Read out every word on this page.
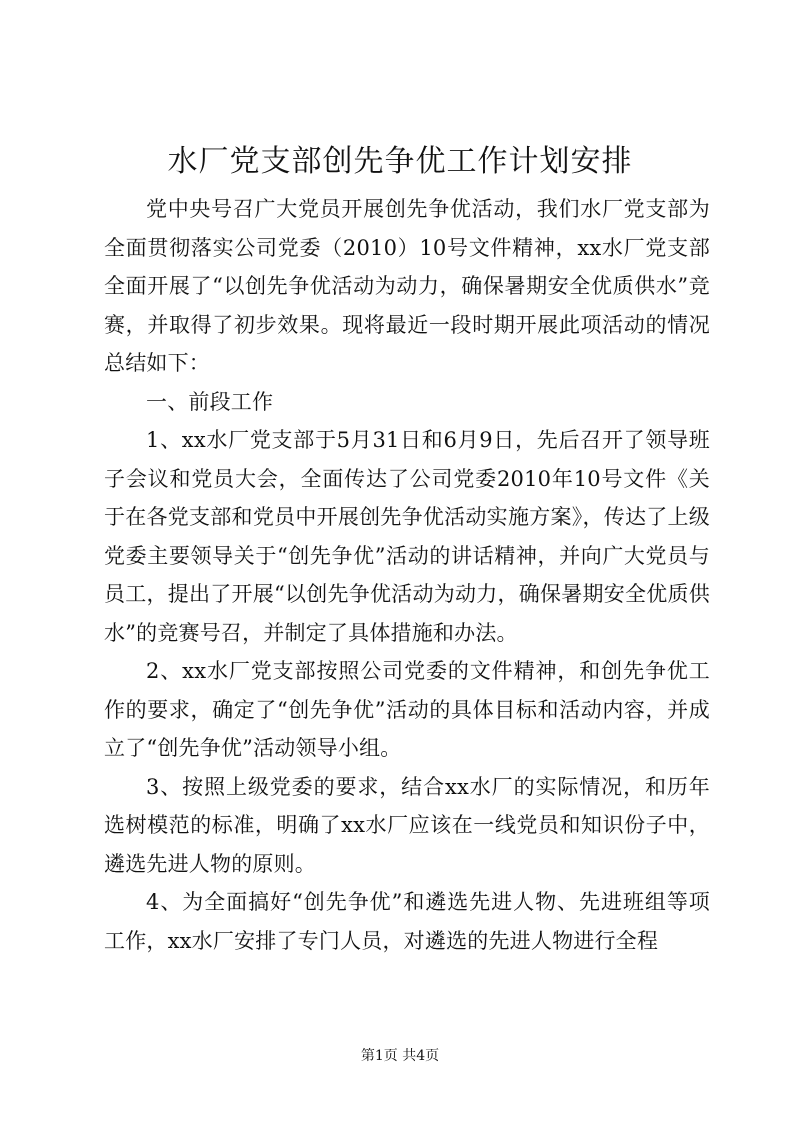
水厂党支部创先争优工作计划安排

党中央号召广大党员开展创先争优活动，我们水厂党支部为全面贯彻落实公司党委（2010）10号文件精神，xx水厂党支部全面开展了“以创先争优活动为动力，确保暑期安全优质供水”竞赛，并取得了初步效果。现将最近一段时期开展此项活动的情况总结如下：

一、前段工作

1、xx水厂党支部于5月31日和6月9日，先后召开了领导班子会议和党员大会，全面传达了公司党委2010年10号文件《关于在各党支部和党员中开展创先争优活动实施方案》，传达了上级党委主要领导关于“创先争优”活动的讲话精神，并向广大党员与员工，提出了开展“以创先争优活动为动力，确保暑期安全优质供水”的竞赛号召，并制定了具体措施和办法。

2、xx水厂党支部按照公司党委的文件精神，和创先争优工作的要求，确定了“创先争优”活动的具体目标和活动内容，并成立了“创先争优”活动领导小组。

3、按照上级党委的要求，结合xx水厂的实际情况，和历年选树模范的标准，明确了xx水厂应该在一线党员和知识份子中，遴选先进人物的原则。

4、为全面搞好“创先争优”和遴选先进人物、先进班组等项工作，xx水厂安排了专门人员，对遴选的先进人物进行全程

第1页 共4页
